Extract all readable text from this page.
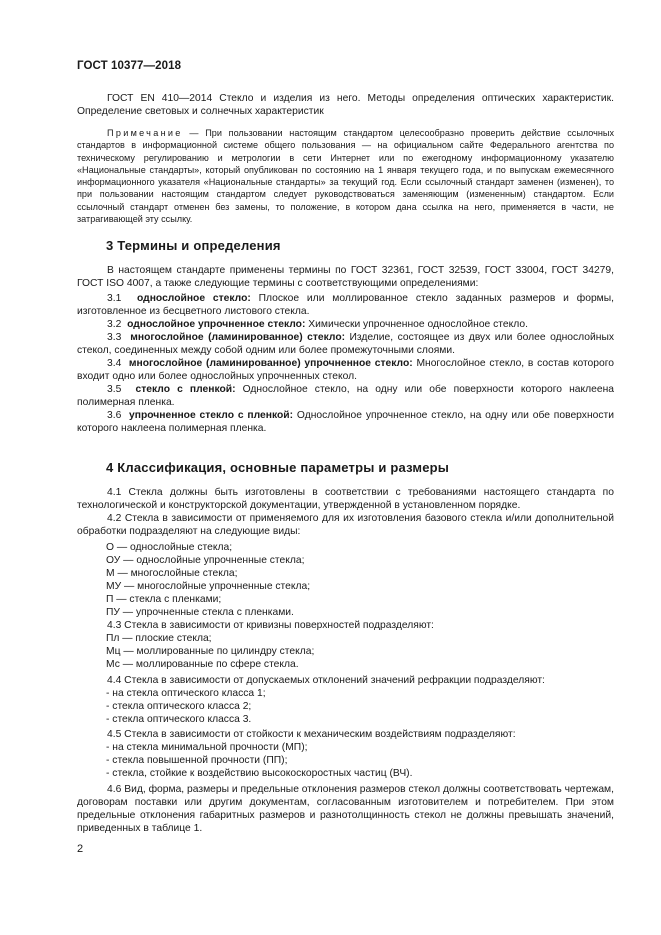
ГОСТ 10377—2018
ГОСТ EN 410—2014 Стекло и изделия из него. Методы определения оптических характеристик. Определение световых и солнечных характеристик
Примечание — При пользовании настоящим стандартом целесообразно проверить действие ссылочных стандартов в информационной системе общего пользования — на официальном сайте Федерального агентства по техническому регулированию и метрологии в сети Интернет или по ежегодному информационному указателю «Национальные стандарты», который опубликован по состоянию на 1 января текущего года, и по выпускам ежемесячного информационного указателя «Национальные стандарты» за текущий год. Если ссылочный стандарт заменен (изменен), то при пользовании настоящим стандартом следует руководствоваться заменяющим (измененным) стандартом. Если ссылочный стандарт отменен без замены, то положение, в котором дана ссылка на него, применяется в части, не затрагивающей эту ссылку.
3 Термины и определения
В настоящем стандарте применены термины по ГОСТ 32361, ГОСТ 32539, ГОСТ 33004, ГОСТ 34279, ГОСТ ISO 4007, а также следующие термины с соответствующими определениями:
3.1 однослойное стекло: Плоское или моллированное стекло заданных размеров и формы, изготовленное из бесцветного листового стекла.
3.2 однослойное упрочненное стекло: Химически упрочненное однослойное стекло.
3.3 многослойное (ламинированное) стекло: Изделие, состоящее из двух или более однослойных стекол, соединенных между собой одним или более промежуточными слоями.
3.4 многослойное (ламинированное) упрочненное стекло: Многослойное стекло, в состав которого входит одно или более однослойных упрочненных стекол.
3.5 стекло с пленкой: Однослойное стекло, на одну или обе поверхности которого наклеена полимерная пленка.
3.6 упрочненное стекло с пленкой: Однослойное упрочненное стекло, на одну или обе поверхности которого наклеена полимерная пленка.
4 Классификация, основные параметры и размеры
4.1 Стекла должны быть изготовлены в соответствии с требованиями настоящего стандарта по технологической и конструкторской документации, утвержденной в установленном порядке.
4.2 Стекла в зависимости от применяемого для их изготовления базового стекла и/или дополнительной обработки подразделяют на следующие виды:
О — однослойные стекла;
ОУ — однослойные упрочненные стекла;
М — многослойные стекла;
МУ — многослойные упрочненные стекла;
П — стекла с пленками;
ПУ — упрочненные стекла с пленками.
4.3 Стекла в зависимости от кривизны поверхностей подразделяют:
Пл — плоские стекла;
Мц — моллированные по цилиндру стекла;
Мс — моллированные по сфере стекла.
4.4 Стекла в зависимости от допускаемых отклонений значений рефракции подразделяют:
- на стекла оптического класса 1;
- стекла оптического класса 2;
- стекла оптического класса 3.
4.5 Стекла в зависимости от стойкости к механическим воздействиям подразделяют:
- на стекла минимальной прочности (МП);
- стекла повышенной прочности (ПП);
- стекла, стойкие к воздействию высокоскоростных частиц (ВЧ).
4.6 Вид, форма, размеры и предельные отклонения размеров стекол должны соответствовать чертежам, договорам поставки или другим документам, согласованным изготовителем и потребителем. При этом предельные отклонения габаритных размеров и разнотолщинность стекол не должны превышать значений, приведенных в таблице 1.
2
